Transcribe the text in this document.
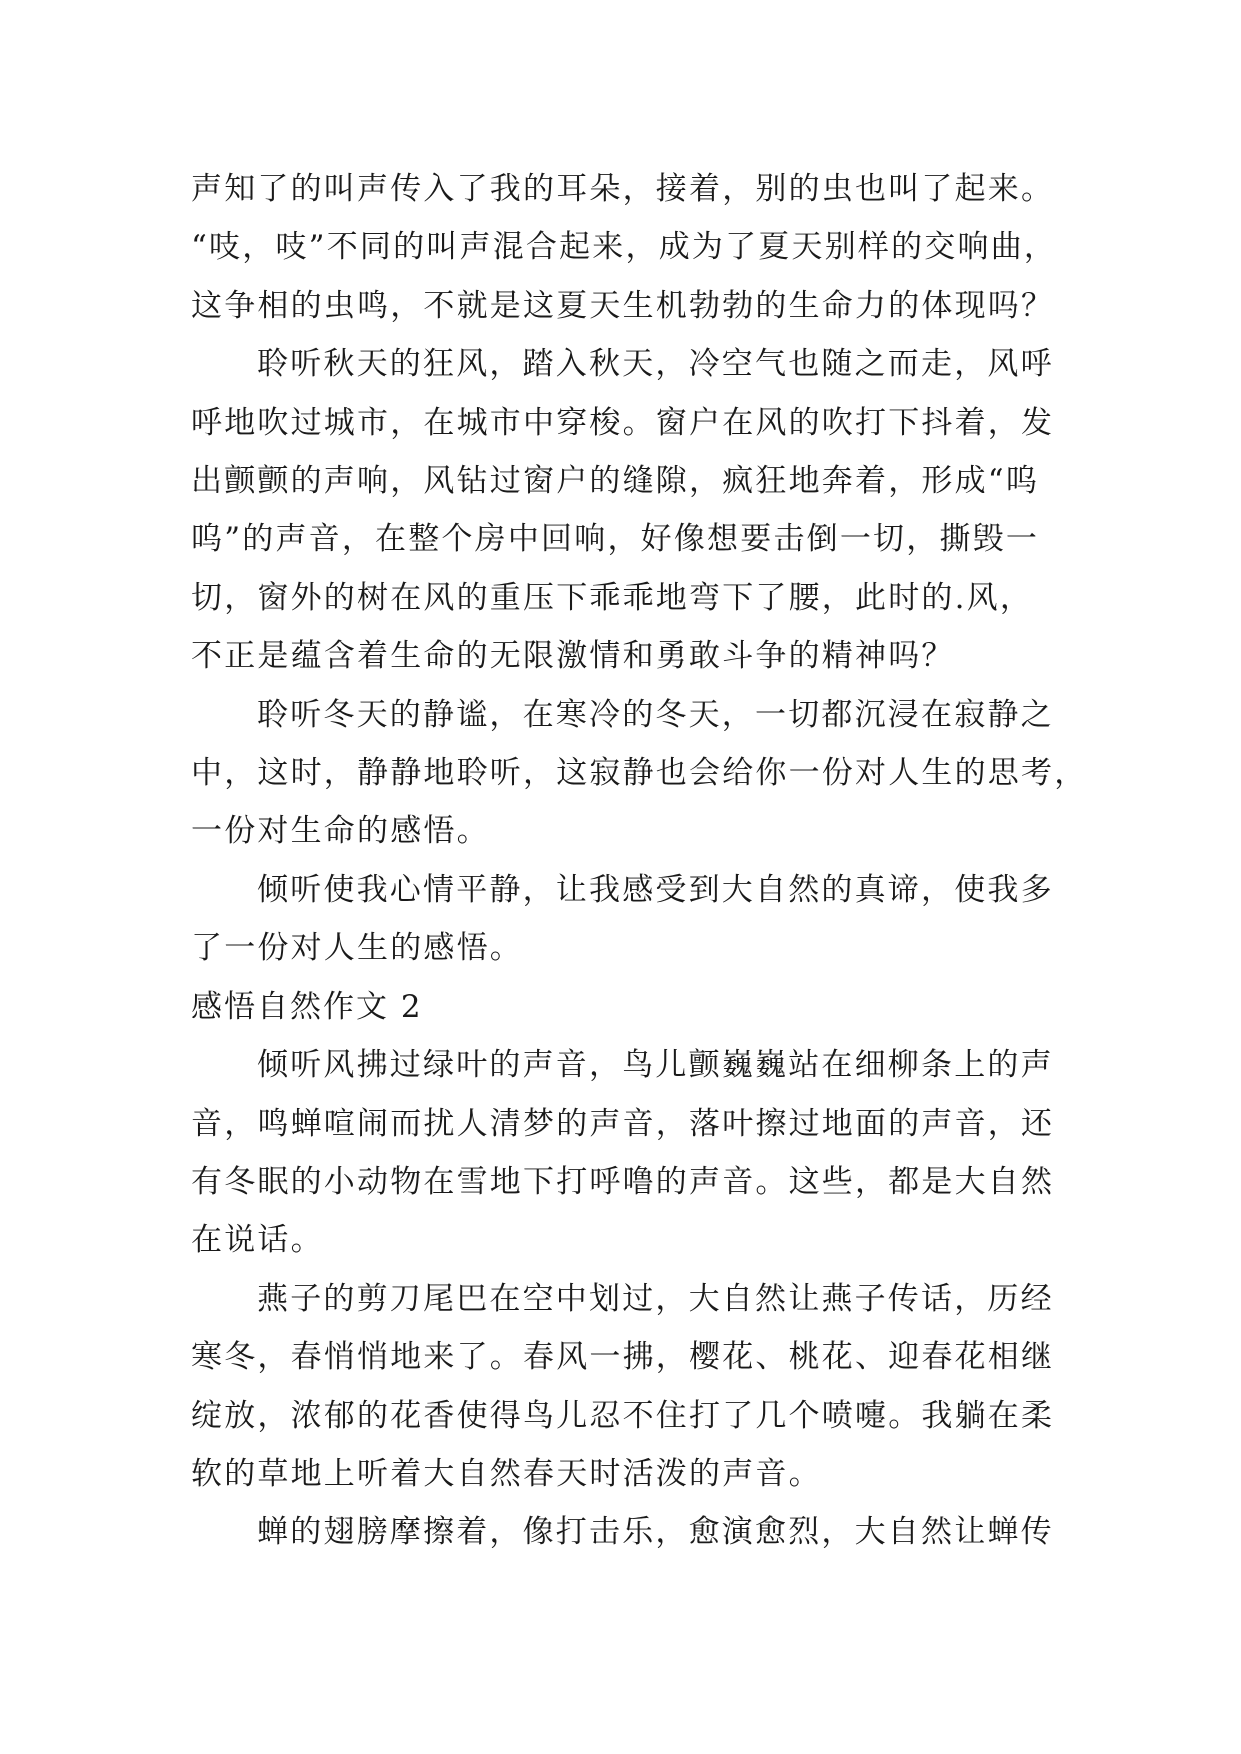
声知了的叫声传入了我的耳朵，接着，别的虫也叫了起来。
“吱，吱”不同的叫声混合起来，成为了夏天别样的交响曲，
这争相的虫鸣，不就是这夏天生机勃勃的生命力的体现吗？
聆听秋天的狂风，踏入秋天，冷空气也随之而走，风呼
呼地吹过城市，在城市中穿梭。窗户在风的吹打下抖着，发
出颤颤的声响，风钻过窗户的缝隙，疯狂地奔着，形成“呜
呜”的声音，在整个房中回响，好像想要击倒一切，撕毁一
切，窗外的树在风的重压下乖乖地弯下了腰，此时的.风，
不正是蕴含着生命的无限激情和勇敢斗争的精神吗？
聆听冬天的静谧，在寒冷的冬天，一切都沉浸在寂静之
中，这时，静静地聆听，这寂静也会给你一份对人生的思考，
一份对生命的感悟。
倾听使我心情平静，让我感受到大自然的真谛，使我多
了一份对人生的感悟。
感悟自然作文 2
倾听风拂过绿叶的声音，鸟儿颤巍巍站在细柳条上的声
音，鸣蝉喧闹而扰人清梦的声音，落叶擦过地面的声音，还
有冬眠的小动物在雪地下打呼噜的声音。这些，都是大自然
在说话。
燕子的剪刀尾巴在空中划过，大自然让燕子传话，历经
寒冬，春悄悄地来了。春风一拂，樱花、桃花、迎春花相继
绽放，浓郁的花香使得鸟儿忍不住打了几个喷嚏。我躺在柔
软的草地上听着大自然春天时活泼的声音。
蝉的翅膀摩擦着，像打击乐，愈演愈烈，大自然让蝉传
